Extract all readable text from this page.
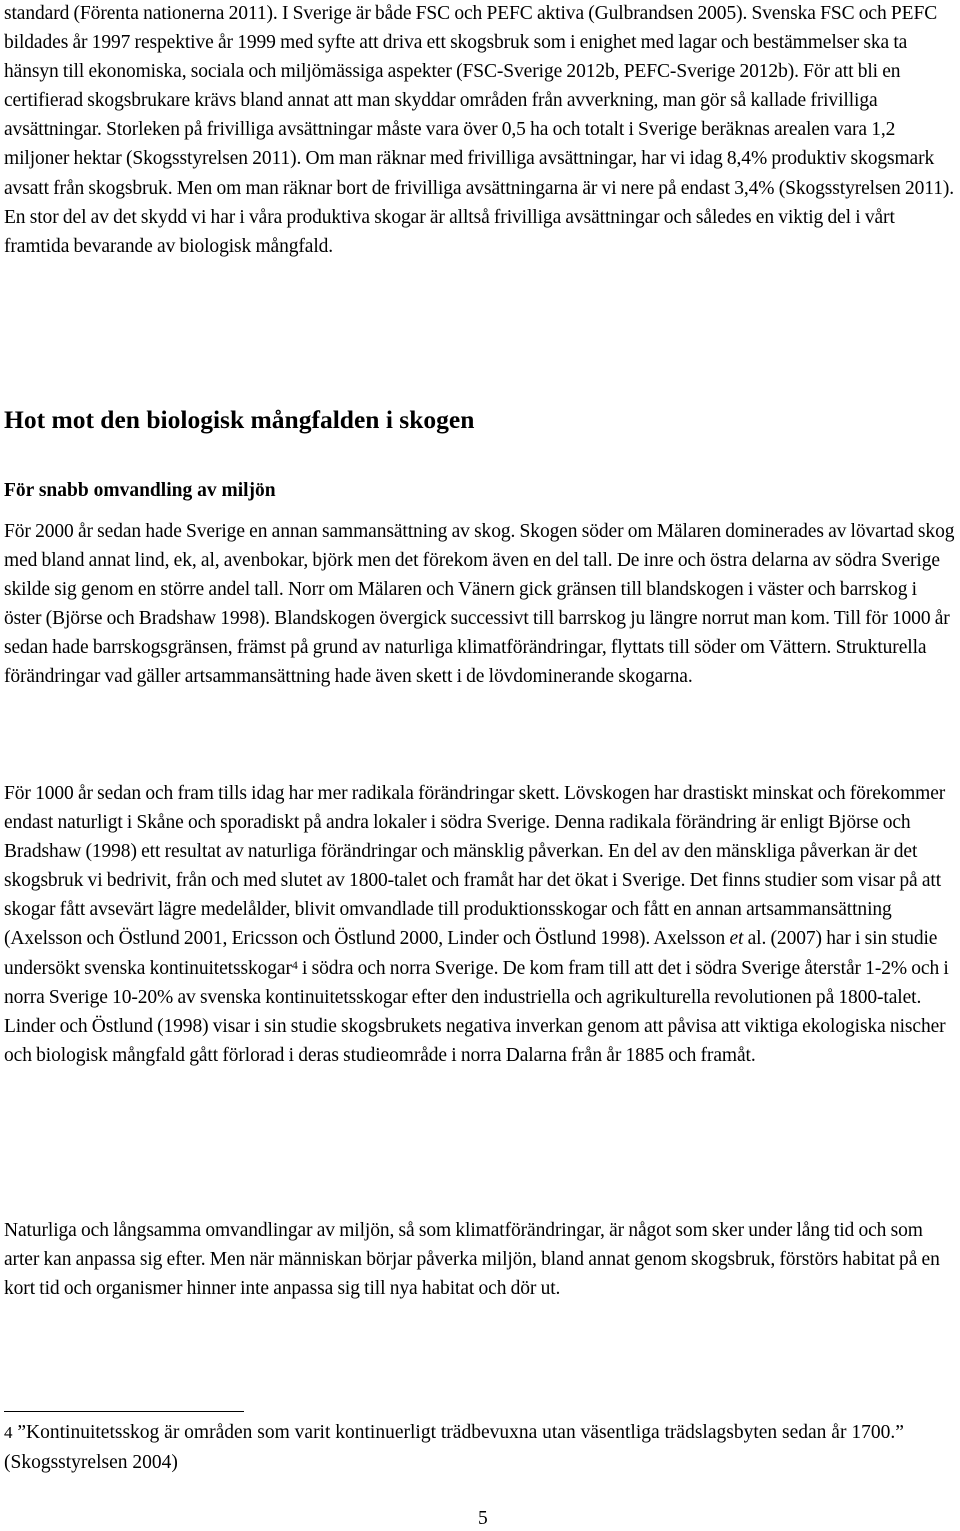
standard (Förenta nationerna 2011). I Sverige är både FSC och PEFC aktiva (Gulbrandsen 2005). Svenska FSC och PEFC bildades år 1997 respektive år 1999 med syfte att driva ett skogsbruk som i enighet med lagar och bestämmelser ska ta hänsyn till ekonomiska, sociala och miljömässiga aspekter (FSC-Sverige 2012b, PEFC-Sverige 2012b). För att bli en certifierad skogsbrukare krävs bland annat att man skyddar områden från avverkning, man gör så kallade frivilliga avsättningar. Storleken på frivilliga avsättningar måste vara över 0,5 ha och totalt i Sverige beräknas arealen vara 1,2 miljoner hektar (Skogsstyrelsen 2011). Om man räknar med frivilliga avsättningar, har vi idag 8,4% produktiv skogsmark avsatt från skogsbruk. Men om man räknar bort de frivilliga avsättningarna är vi nere på endast 3,4% (Skogsstyrelsen 2011). En stor del av det skydd vi har i våra produktiva skogar är alltså frivilliga avsättningar och således en viktig del i vårt framtida bevarande av biologisk mångfald.

Hot mot den biologisk mångfalden i skogen
För snabb omvandling av miljön

För 2000 år sedan hade Sverige en annan sammansättning av skog. Skogen söder om Mälaren dominerades av lövartad skog med bland annat lind, ek, al, avenbokar, björk men det förekom även en del tall. De inre och östra delarna av södra Sverige skilde sig genom en större andel tall. Norr om Mälaren och Vänern gick gränsen till blandskogen i väster och barrskog i öster (Björse och Bradshaw 1998). Blandskogen övergick successivt till barrskog ju längre norrut man kom. Till för 1000 år sedan hade barrskogsgränsen, främst på grund av naturliga klimatförändringar, flyttats till söder om Vättern. Strukturella förändringar vad gäller artsammansättning hade även skett i de lövdominerande skogarna.

För 1000 år sedan och fram tills idag har mer radikala förändringar skett. Lövskogen har drastiskt minskat och förekommer endast naturligt i Skåne och sporadiskt på andra lokaler i södra Sverige. Denna radikala förändring är enligt Björse och Bradshaw (1998) ett resultat av naturliga förändringar och mänsklig påverkan. En del av den mänskliga påverkan är det skogsbruk vi bedrivit, från och med slutet av 1800-talet och framåt har det ökat i Sverige. Det finns studier som visar på att skogar fått avsevärt lägre medelålder, blivit omvandlade till produktionsskogar och fått en annan artsammansättning (Axelsson och Östlund 2001, Ericsson och Östlund 2000, Linder och Östlund 1998). Axelsson et al. (2007) har i sin studie undersökt svenska kontinuitetsskogar$^4$ i södra och norra Sverige. De kom fram till att det i södra Sverige återstår 1-2% och i norra Sverige 10-20% av svenska kontinuitetsskogar efter den industriella och agrikulturella revolutionen på 1800-talet. Linder och Östlund (1998) visar i sin studie skogsbrukets negativa inverkan genom att påvisa att viktiga ekologiska nischer och biologisk mångfald gått förlorad i deras studieområde i norra Dalarna från år 1885 och framåt.

Naturliga och långsamma omvandlingar av miljön, så som klimatförändringar, är något som sker under lång tid och som arter kan anpassa sig efter. Men när människan börjar påverka miljön, bland annat genom skogsbruk, förstörs habitat på en kort tid och organismer hinner inte anpassa sig till nya habitat och dör ut.

4 ”Kontinuitetsskog är områden som varit kontinuerligt trädbevuxna utan väsentliga trädslagsbyten sedan år 1700.” (Skogsstyrelsen 2004)

5
